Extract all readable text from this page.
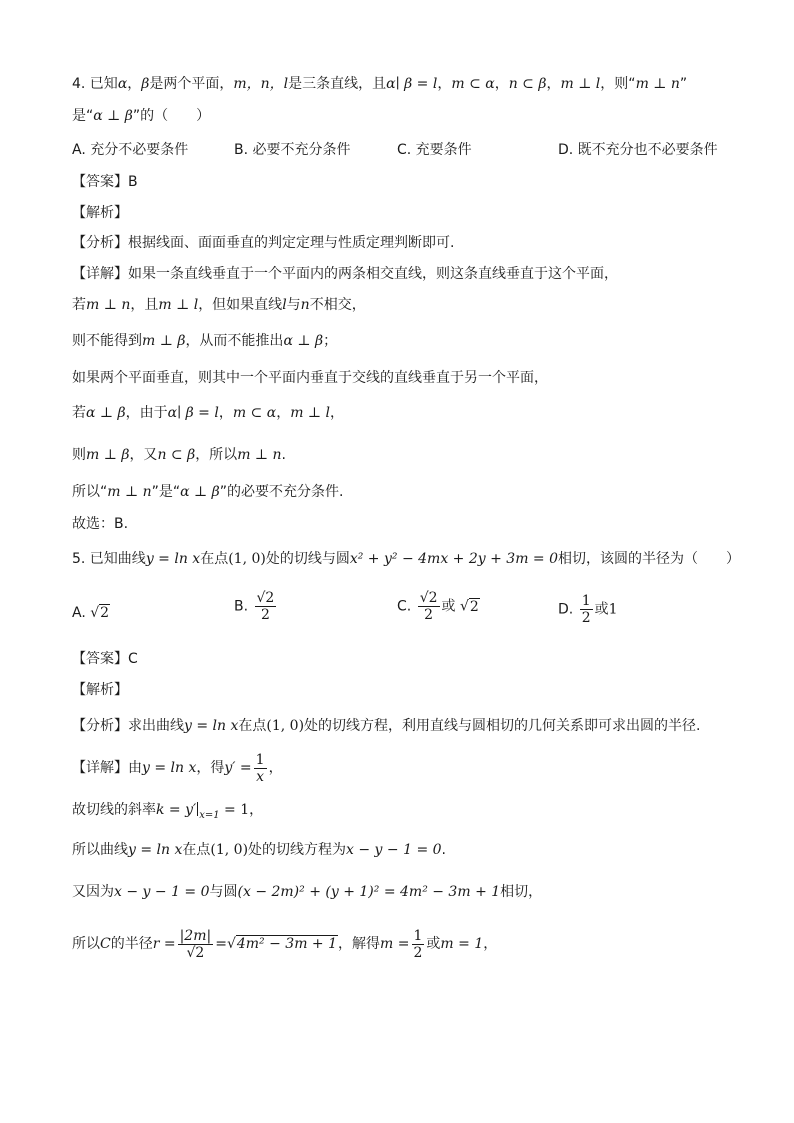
4. 已知α，β是两个平面，m，n，l是三条直线，且α∣ β = l，m ⊂ α，n ⊂ β，m ⊥ l，则“m ⊥ n”
是“α ⊥ β”的（　　）
A. 充分不必要条件	B. 必要不充分条件	C. 充要条件	D. 既不充分也不必要条件
【答案】B
【解析】
【分析】根据线面、面面垂直的判定定理与性质定理判断即可.
【详解】如果一条直线垂直于一个平面内的两条相交直线，则这条直线垂直于这个平面，
若m ⊥ n，且m ⊥ l，但如果直线l与n不相交，
则不能得到m ⊥ β，从而不能推出α ⊥ β；
如果两个平面垂直，则其中一个平面内垂直于交线的直线垂直于另一个平面，
若α ⊥ β，由于α∣ β = l，m ⊂ α，m ⊥ l，
则m ⊥ β，又n ⊂ β，所以m ⊥ n.
所以“m ⊥ n”是“α ⊥ β”的必要不充分条件.
故选：B.
5. 已知曲线y = ln x在点(1, 0)处的切线与圆x² + y² − 4mx + 2y + 3m = 0相切，该圆的半径为（　　）
A. √2	B. $\frac{√2}{2}$	C. $\frac{√2}{2}$ 或 √2	D. $\frac{1}{2}$ 或1
【答案】C
【解析】
【分析】求出曲线y = ln x在点(1, 0)处的切线方程，利用直线与圆相切的几何关系即可求出圆的半径.
【详解】由y = ln x，得$y' = \frac{1}{x}$ ，
故切线的斜率k = y′ $_{x=1}$ = 1，
所以曲线y = ln x在点(1, 0)处的切线方程为x − y − 1 = 0.
又因为x − y − 1 = 0与圆(x − 2m)² + (y + 1)² = 4m² − 3m + 1相切，
所以C的半径$r = \frac{|2m|}{√2} =√4m^2 - 3m + 1$，解得$m = \frac{1}{2}$ 或m = 1，
